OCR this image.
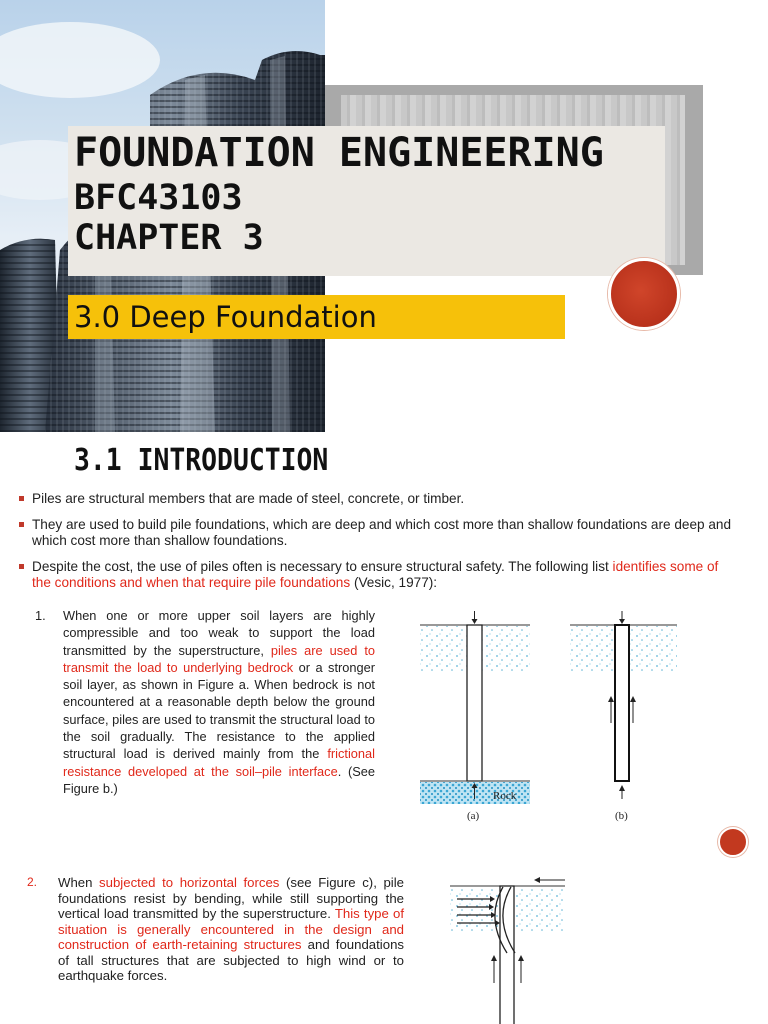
FOUNDATION ENGINEERING
BFC43103
CHAPTER 3

3.0 Deep Foundation

3.1 INTRODUCTION
Piles are structural members that are made of steel, concrete, or timber.
They are used to build pile foundations, which are deep and which cost more than shallow foundations are deep and which cost more than shallow foundations.
Despite the cost, the use of piles often is necessary to ensure structural safety. The following list identifies some of the conditions and when that require pile foundations (Vesic, 1977):
1. When one or more upper soil layers are highly compressible and too weak to support the load transmitted by the superstructure, piles are used to transmit the load to underlying bedrock or a stronger soil layer, as shown in Figure a. When bedrock is not encountered at a reasonable depth below the ground surface, piles are used to transmit the structural load to the soil gradually. The resistance to the applied structural load is derived mainly from the frictional resistance developed at the soil–pile interface. (See Figure b.)
Rock
(a)	(b)
2. When subjected to horizontal forces (see Figure c), pile foundations resist by bending, while still supporting the vertical load transmitted by the superstructure. This type of situation is generally encountered in the design and construction of earth-retaining structures and foundations of tall structures that are subjected to high wind or to earthquake forces.
